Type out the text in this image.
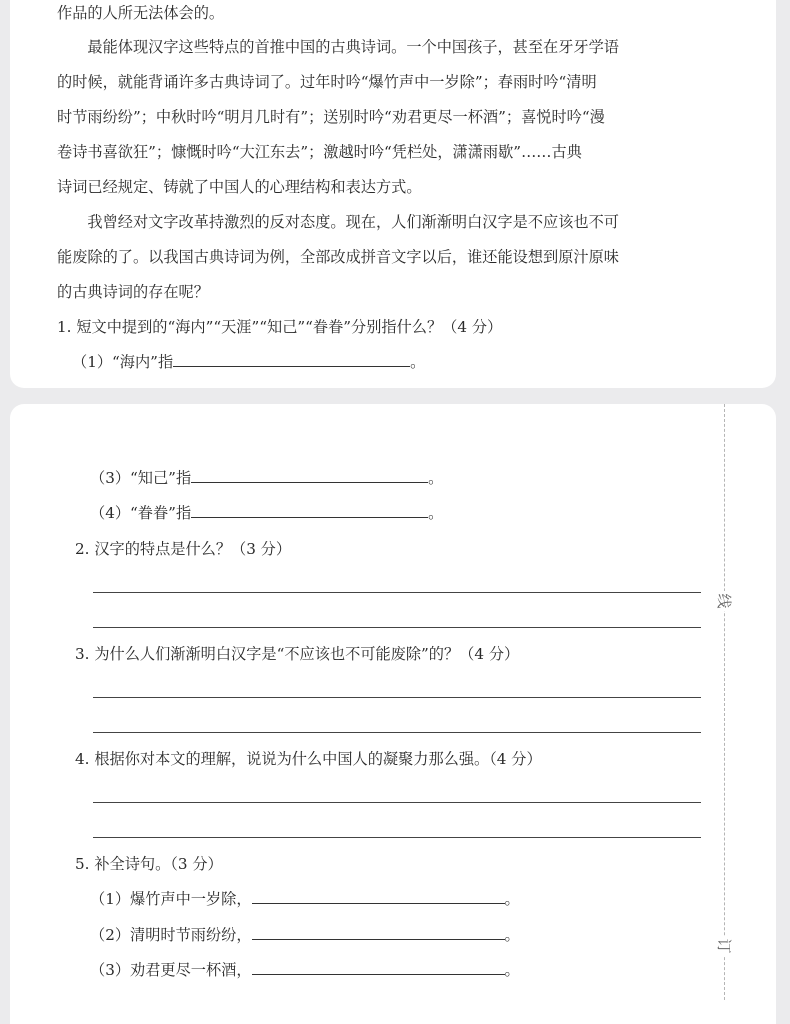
作品的人所无法体会的。
　　最能体现汉字这些特点的首推中国的古典诗词。一个中国孩子，甚至在牙牙学语
的时候，就能背诵许多古典诗词了。过年时吟“爆竹声中一岁除”；春雨时吟“清明
时节雨纷纷”；中秋时吟“明月几时有”；送别时吟“劝君更尽一杯酒”；喜悦时吟“漫
卷诗书喜欲狂”；慷慨时吟“大江东去”；激越时吟“凭栏处，潇潇雨歇”……古典
诗词已经规定、铸就了中国人的心理结构和表达方式。
　　我曾经对文字改革持激烈的反对态度。现在，人们渐渐明白汉字是不应该也不可
能废除的了。以我国古典诗词为例，全部改成拼音文字以后，谁还能设想到原汁原味
的古典诗词的存在呢？
1. 短文中提到的“海内”“天涯”“知己”“眷眷”分别指什么？（4 分）
（1）“海内”指	。
（3）“知己”指	。
（4）“眷眷”指	。
2. 汉字的特点是什么？（3 分）
3. 为什么人们渐渐明白汉字是“不应该也不可能废除”的？（4 分）
4. 根据你对本文的理解，说说为什么中国人的凝聚力那么强。（4 分）
5. 补全诗句。（3 分）
（1）爆竹声中一岁除，	。
（2）清明时节雨纷纷，	。
（3）劝君更尽一杯酒，	。
线
订
